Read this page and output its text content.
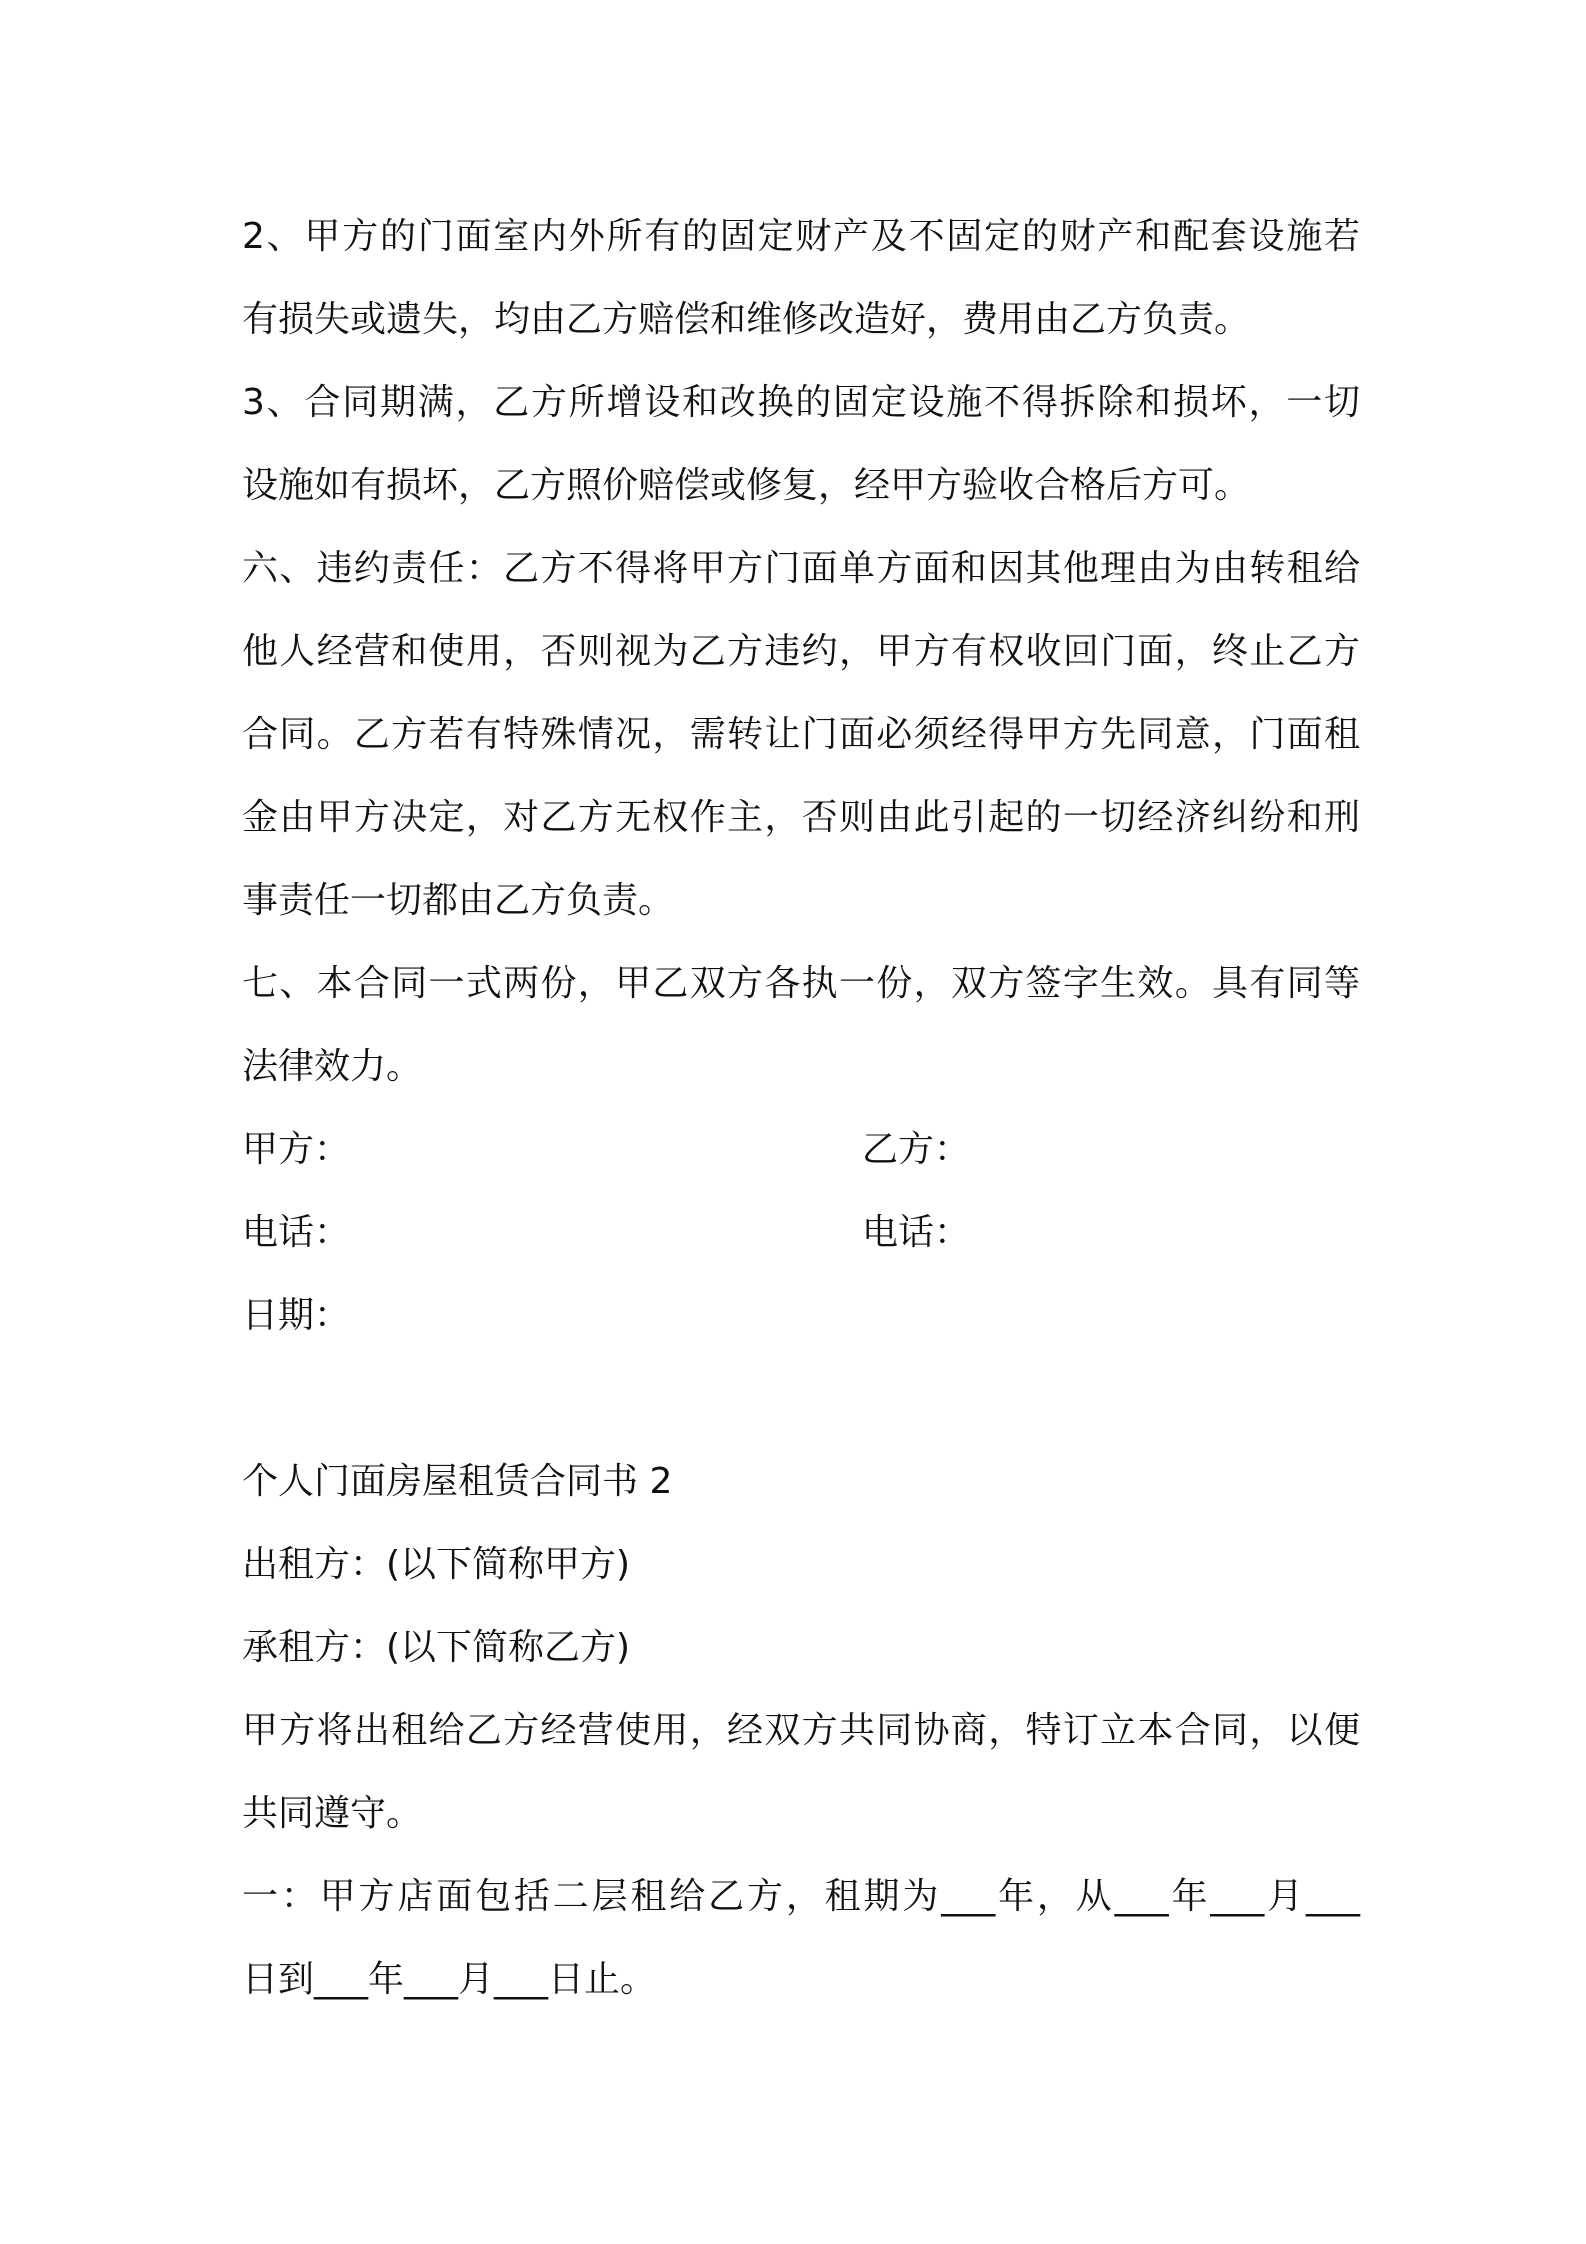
2、甲方的门面室内外所有的固定财产及不固定的财产和配套设施若
有损失或遗失，均由乙方赔偿和维修改造好，费用由乙方负责。
3、合同期满，乙方所增设和改换的固定设施不得拆除和损坏，一切
设施如有损坏，乙方照价赔偿或修复，经甲方验收合格后方可。
六、违约责任：乙方不得将甲方门面单方面和因其他理由为由转租给
他人经营和使用，否则视为乙方违约，甲方有权收回门面，终止乙方
合同。乙方若有特殊情况，需转让门面必须经得甲方先同意，门面租
金由甲方决定，对乙方无权作主，否则由此引起的一切经济纠纷和刑
事责任一切都由乙方负责。
七、本合同一式两份，甲乙双方各执一份，双方签字生效。具有同等
法律效力。
甲方：	乙方：
电话：	电话：
日期：
个人门面房屋租赁合同书 2
出租方：(以下简称甲方)
承租方：(以下简称乙方)
甲方将出租给乙方经营使用，经双方共同协商，特订立本合同，以便
共同遵守。
一：甲方店面包括二层租给乙方，租期为___年，从___年___月___
日到___年___月___日止。
